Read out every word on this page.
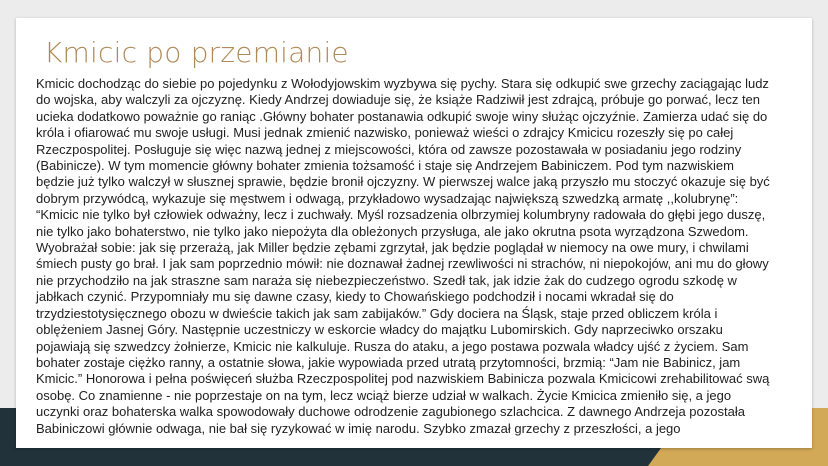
Kmicic po przemianie
Kmicic dochodząc do siebie po pojedynku z Wołodyjowskim wyzbywa się pychy. Stara się odkupić swe grzechy zaciągając ludz
do wojska, aby walczyli za ojczyznę. Kiedy Andrzej dowiaduje się, że książe Radziwił jest zdrajcą, próbuje go porwać, lecz ten
ucieka dodatkowo poważnie go raniąc .Główny bohater postanawia odkupić swoje winy służąc ojczyźnie. Zamierza udać się do
króla i ofiarować mu swoje usługi. Musi jednak zmienić nazwisko, ponieważ wieści o zdrajcy Kmicicu rozeszły się po całej
Rzeczpospolitej. Posługuje się więc nazwą jednej z miejscowości, która od zawsze pozostawała w posiadaniu jego rodziny
(Babinicze). W tym momencie główny bohater zmienia tożsamość i staje się Andrzejem Babiniczem. Pod tym nazwiskiem
będzie już tylko walczył w słusznej sprawie, będzie bronił ojczyzny. W pierwszej walce jaką przyszło mu stoczyć okazuje się być
dobrym przywódcą, wykazuje się męstwem i odwagą, przykładowo wysadzając największą szwedzką armatę ,,kolubrynę”:
“Kmicic nie tylko był człowiek odważny, lecz i zuchwały. Myśl rozsadzenia olbrzymiej kolumbryny radowała do głębi jego duszę,
nie tylko jako bohaterstwo, nie tylko jako niepożyta dla obleżonych przysługa, ale jako okrutna psota wyrządzona Szwedom.
Wyobrażał sobie: jak się przerażą, jak Miller będzie zębami zgrzytał, jak będzie poglądał w niemocy na owe mury, i chwilami
śmiech pusty go brał. I jak sam poprzednio mówił: nie doznawał żadnej rzewliwości ni strachów, ni niepokojów, ani mu do głowy
nie przychodziło na jak straszne sam naraża się niebezpieczeństwo. Szedł tak, jak idzie żak do cudzego ogrodu szkodę w
jabłkach czynić. Przypomniały mu się dawne czasy, kiedy to Chowańskiego podchodził i nocami wkradał się do
trzydziestotysięcznego obozu w dwieście takich jak sam zabijaków.” Gdy dociera na Śląsk, staje przed obliczem króla i
oblężeniem Jasnej Góry. Następnie uczestniczy w eskorcie władcy do majątku Lubomirskich. Gdy naprzeciwko orszaku
pojawiają się szwedzcy żołnierze, Kmicic nie kalkuluje. Rusza do ataku, a jego postawa pozwala władcy ujść z życiem. Sam
bohater zostaje ciężko ranny, a ostatnie słowa, jakie wypowiada przed utratą przytomności, brzmią: “Jam nie Babinicz, jam
Kmicic.” Honorowa i pełna poświęceń służba Rzeczpospolitej pod nazwiskiem Babinicza pozwala Kmicicowi zrehabilitować swą
osobę. Co znamienne - nie poprzestaje on na tym, lecz wciąż bierze udział w walkach. Życie Kmicica zmieniło się, a jego
uczynki oraz bohaterska walka spowodowały duchowe odrodzenie zagubionego szlachcica. Z dawnego Andrzeja pozostała
Babiniczowi głównie odwaga, nie bał się ryzykować w imię narodu. Szybko zmazał grzechy z przeszłości, a jego
